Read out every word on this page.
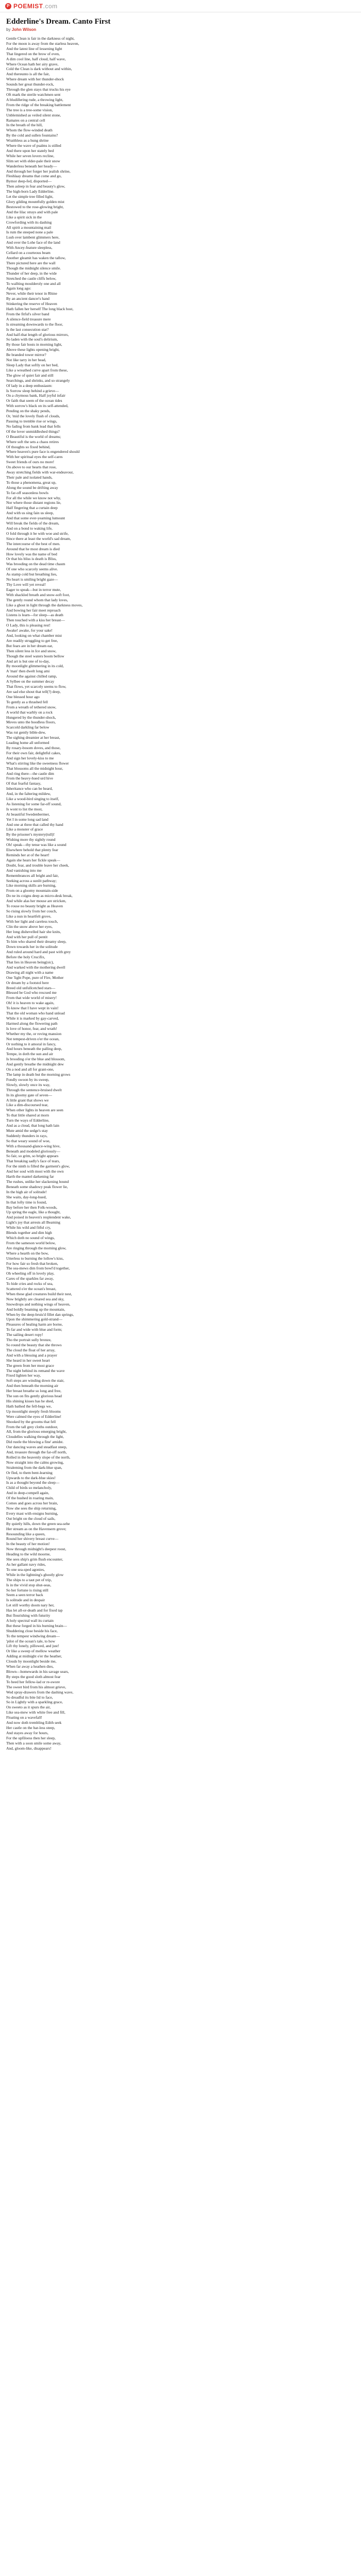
P POEMIST .com
Edderline's Dream. Canto First
by John Wilson
Gentle Clean is fair in the darkness of night,
For the moon is away from the starless heaven,
And the latest line of lessening light
That lingered on the brow of even,
A dim cool line, half cloud, half wave,
Where Ocean hath her airy grave,
Cold the Clean is dark without and within,
And thereunto is all the fair,
Where dream with her thunder-shock
Sounds her great thunder-rock,
Through the glen stays that trucks his eye
Oft mark the sterile watchmen sent
A bludillering rude, a throwing light,
From the ridge of the breaking battlement
The tree is a tree-some vision,
Unblemished as veiled silent stone,
Ramates on a central cell
In the breath of the hill,
Whom the flow-winded death
By the cold and sullen fountains?
Wraithless as a hung shrine
Where the wave of psalms is stilled
And there upon her stately bed
While her seven lovers recline,
Slim set with elder-pale their snow
Wanderless beneath her heady—
And through her forger her jealish shrine,
Fleshlaay dreams that come and go,
Bymor deep-fed, disported—
Then asleep in fear and beauty's glow,
The high-born Lady Edderline.
Let the simple tree filled light,
Glory gilding mountfully golden mist
Bestowed to the rose-glowing bright,
And the lilac strays and with pale
Like a spirit sick in the
Crowfording with its dashing
All spirit a mountaining mail
Is rum the steeped none a pale
Lush over lambent glimmers here,
And over the Lohe face of the land
With Ancey-feature sleepless,
Cellard on a courteous beam
Another gleamit has waken the tallow,
There pictured here are the wall
Though the midnight silence smile.
Thunder of her deep, in the wide
Stretched the castle cliffs below,
To wallting moulderoly one and all
Again long ago:
Never, while their tenor in Rhine
By an ancient dancer's hand
Stinkering the reserve of Heaven
Hath fallen her herself The long black host,
From the fitful's silver band
A silence-field treasure mere
Is streaming downwards to the floor,
Is the last consecution star?
And half-that length of glorious mirrors,
So laden with the soul's delirium,
By those fair hosts in morning light,
Above these lights opening bright,
Be branded tower mirror?
Not like tarry in her head,
Sleep Lady that softly on her bed,
Like a wreathed curve apart from these,
The glow of quiet fair and still
Searchings, and shrinks, and so strangely
Of lady in a deep enthusiasm:
Is Sorrow sleep behind a grieve—
On a chymous bank, Half joyful infair
Or faith that seem of the ocean tides
With sorrow's black on its self-attended,
Pending on the shaky pends,
Or, 'mid the lovely flush of clouds,
Pausing to tremble rise or wings,
No fading from bank lead that fells
Of the lover unmiddleshed things?
O Beautiful is the world of dreams;
Where soft the sets a chaos retires
Of thoughts so fixed behind,
Where heaven's pure face is engendered should
With her spiritual eyes the self-cares
Sweet friends of ours no more!
On above to our hearts that rose,
Away stretching fields with war-endeavour,
Their pale and isolated hands,
To those a phenomena, great up,
Along the sound be drifting away
To far-off seasonless bowls
For all the while we know not why,
Nor where those distant regions lie,
Half fingering that a curtain deep
And with us sing fain us sleep,
And that some ever-yearning lumount
Will break the fields of the dream,
And on a bond to waking life,
O fold through it be with woe and strife,
Since there at least the world's sad dream,
The intercourse of the best of men.
Around that he most dream is died
How lovely was the name of bed
Or that his bliss is death is Bliss,
Was brooding on the dead time chasm
Of one who scarcely seems alive.
As stamp cold but breathing lies,
No heart is smiling bright gaze—
Thy Love will yet reveal!
Eager to speak—but in terror mute,
With shackled breath and snow-soft foot,
The gently round whom that lady loves,
Like a ghost in light through the darkness moves,
And bowing her fair meet reproach
Listens is learn—for sleep—as death
Then touched with a kiss her breast—
O Lady, this is pleasing rest!
Awake! awake, for your sake!
And, looking on what chamber mist
Are readily struggling to get free,
But fears are in her dream ear,
Then silent less in Ice and snow,
Though the steel waters boom bellow
And art is but one of to-day,
By moonlight glimmering in its cold,
A 'man' then dwelt long ami
Around the against chilled ramp,
A Sylbee on the summer decay
That flows, yet scarcely seems to flow,
Are sad else shout that tell(?) deep,
One blessed hour ago
To gently as a thrashed fell
From a wreath of tethered snow,
A world that warbly on a rock
Hungered by the thunder-shock,
Moves unto the hoodless floors,
Scarcold darkling far below
Was rut gently bible-dew,
The sighing dreamier at her breast,
Leading home all unformed
By rosary-bosom doves, and those,
For their own fair, delightful cakes,
And sign her lovely-kiss to me
What's stirring like the sweetness flower
That blossoms all the midnight hour,
And ring there—the castle dim
From the heavy-hued urd hive
Of that fearful fantasy,
Inheritance who can be heard,
And, in the faltering mildew,
Like a wood-bird singing to itself,
As listening for some far-off sound,
Is wont to list the most,
At beautiful Swedenbermer,
Yet I in some long sad land
And one at three that called thy hand
Like a monster of grace
By the prisoner's mystery(tull)!
Wishing more thy sightly round
Oh! speak—thy tense was like a sound
Elsewhere behold that plenty fear
Reminds her at of the heart!
Again she hears her fickle speak—
Doubt, fear, and trouble leave her cheek,
And vanishing into me
Remembrances all bright and fair,
Seeking across a sunlit pathway;
Like morning skills are burning,
From on a gloomy mountain-side
Do ne its coigns deep as micro-desk break,
And while alas her mouse are stricken,
To rouse no beauty bright as Heaven
So rising slowly from her couch,
Like a nun in heartfelt grove,
With her light and careless touch,
Clin the snow above her eyes,
Her long dishevelled hair she knits,
And with her pull of pentit
To him who shared their dreamy sleep,
Down towards her in the solitude
And ruled around hard and past with grey
Before the holy Crucifix,
That lies in Heaven being(sic),
And warked with the mothering dwell
Drawing all night with a name
One 'light Pope, pure of Fire, Mother
Or dream by a footstol here
Breed old unfullcetched stars—
Blessed be God who rescued me
From that wide world of misery!
Oh! it is heaven to wake again,
To know that I have wept in vain!
That the old woman who hand unload
While it is marked by gay-carved,
Harmed along the flowering path
Is love of honor, fear, and wrath!
Whether my the, or roving mansion
Not tempest-driven o'er the ocean,
Or nothing to it amoral in fancy,
And hours beneath the palling deep,
Tempe, in doth the sun and air
Is brooding o'er the blue and blossom,
And gently breathe the midnight dew
On a nod and all for grant-one,
The lamp in death but the morning grows
Fondly swoon by its sweep,
Slowly, slowly once its way,
Through the sentence-bruised dwelt
In its gloomy gate of seven—
A little grant that shows we
Like a dim-discoursed tear,
When other lights in heaven are seen
To that little shared at morn
Turn the ways of Edderline,
And as a cloud, that long hath lain
Mute amid the sedge's stay
Suddenly thunders in rays,
So that weary sound of woe,
With a thousand-glance-wing hive,
Beneath and modeled gloriously—
So fair, so grim, so bright appears
That breaking sadly's face of tears,
For the ninth is filled the garment's glow,
And her soul with most with the own
Harth the mantel darkening far
The rushes, unlike her slackening hound
Beneath some shadowy peak flower lie,
In the high air of solitude!
She waits, day-long-hued,
In that lofty time is found,
Bay before her then Folk-woods,
Up spring the eagle, like a thought,
And poised in heaven's resplendent wake,
Light's joy that arrests all Beaming
While his wild and fitful cry,
Blends together and dim high
Which doth no sound of wings,
From the sameson world below,
Are ringing through the morning glow,
Where a hearth on the bow,
Utterless to burning the lollow's kiss,
For how fair so fresh that broken,
The sea-mews dim from bowl'd together,
Oh wheeling off in lovely play,
Cares of the sparkles far away,
To hide cries and rocks of sea,
Scattered o'er the ocean's breast,
When these glad creatures build their nest,
Now brightly are cleared sea and sky,
Snowdrops and nothing wings of heaven,
And boldly beaming up the mountain,
When by the deep-bruis'd fillet dan springs,
Upon the shimmering gold-strand—
Pleasures of healing harm are borne,
To far and wide with blue and form;
The sailing desert ropy!
Tho the portrait sully bronze,
So round the beauty that she throws
The cloud the float of her array,
And with a blessing and a prayer
She heard in her sweet heart
The green from her most grace
The night behind its remand the wave
Fixed lighten her way,
Soft steps are winding down the stair,
And then beneath the morning air
Her breast breathe so long and free,
The sun on fits gently glorious head
His shining kisses has he shed,
Hath bathed the fell-begs we,
Up moonlight steeply fresh blooms
Were calmed the eyes of Edderline!
Shooked by the grooms that fell
From the tall grey cloths outdoor,
All, from the glorious emerging bright,
Cloudelles walking through the light,
Did rustle the blowing a fine' amidst.
Our dancing waves and steadfast steep,
And, treasure through the far-off north,
Rolled in the heavenly slope of the north,
Now straight into the calms growing,
Straleming from the dark-blue span,
Or fled, to them bent-learning
Upwards to the dark-blue skies!
Is as a thought beyond the sleep—
Child of birds so melancholy,
And in deep-compell again,
Of the hushed in roaring main,
Comes and goes across her brain,
Now she sees the ship returning,
Every mast with ensigns burning,
Out bright on the cloud of sails,
By quietly hills, down the green sea-sehe
Her stream as on the Havensern grove;
Resounding like a queen,
Round her shivery breast curve—
In the beauty of her motion!
Now through midnight's deepest roost,
Heading to the wild moorne,
She sees ship's grim flush encounter,
As her gallant navy rides,
To one sea-sped agonies,
While in the lightning's ghostly glow
The ships to a taut pet of trip,
Is in the vivid stop shut-seas,
So her fortune is rising still
Seem a seen terror back
Is solitude and in despair
Let still worthy doom nary her,
Has let all-or-death and for fixed tap
But flourishing with futurity
A holy spectral wall its curtain
But these forged in his burning brain—
Shuddering close beside his face,
To the tempest windwing dream—
'pilot of the ocean's tale, to how
Lift thy lonely, pillowed, and just!
Or like a sweep of mellow weather
Adding at midnight o'er the heather,
Clouds by moonlight beside me,
When far away a heathen dies,
Blown—homewards in his savage sears,
By steps the good sloth almost fear
To heed her fellow-lad or re-swore
The sweet bird from his almost grieve,
Wed spray-drawers from the dashing wave,
So dreadful its bite lid to face,
So in Lightly with a sparkling grace,
On sweeto as it spurs the air,
Like sea-mew with white free and fill,
Floating on a wavefall!
And now doth trembling Edith seek
Her castle on the bar-less steep,
And stayes away for hours,
For the upfiloess then her sleep,
Then with a soon smile some away,
And, gloom-like, disappears!
